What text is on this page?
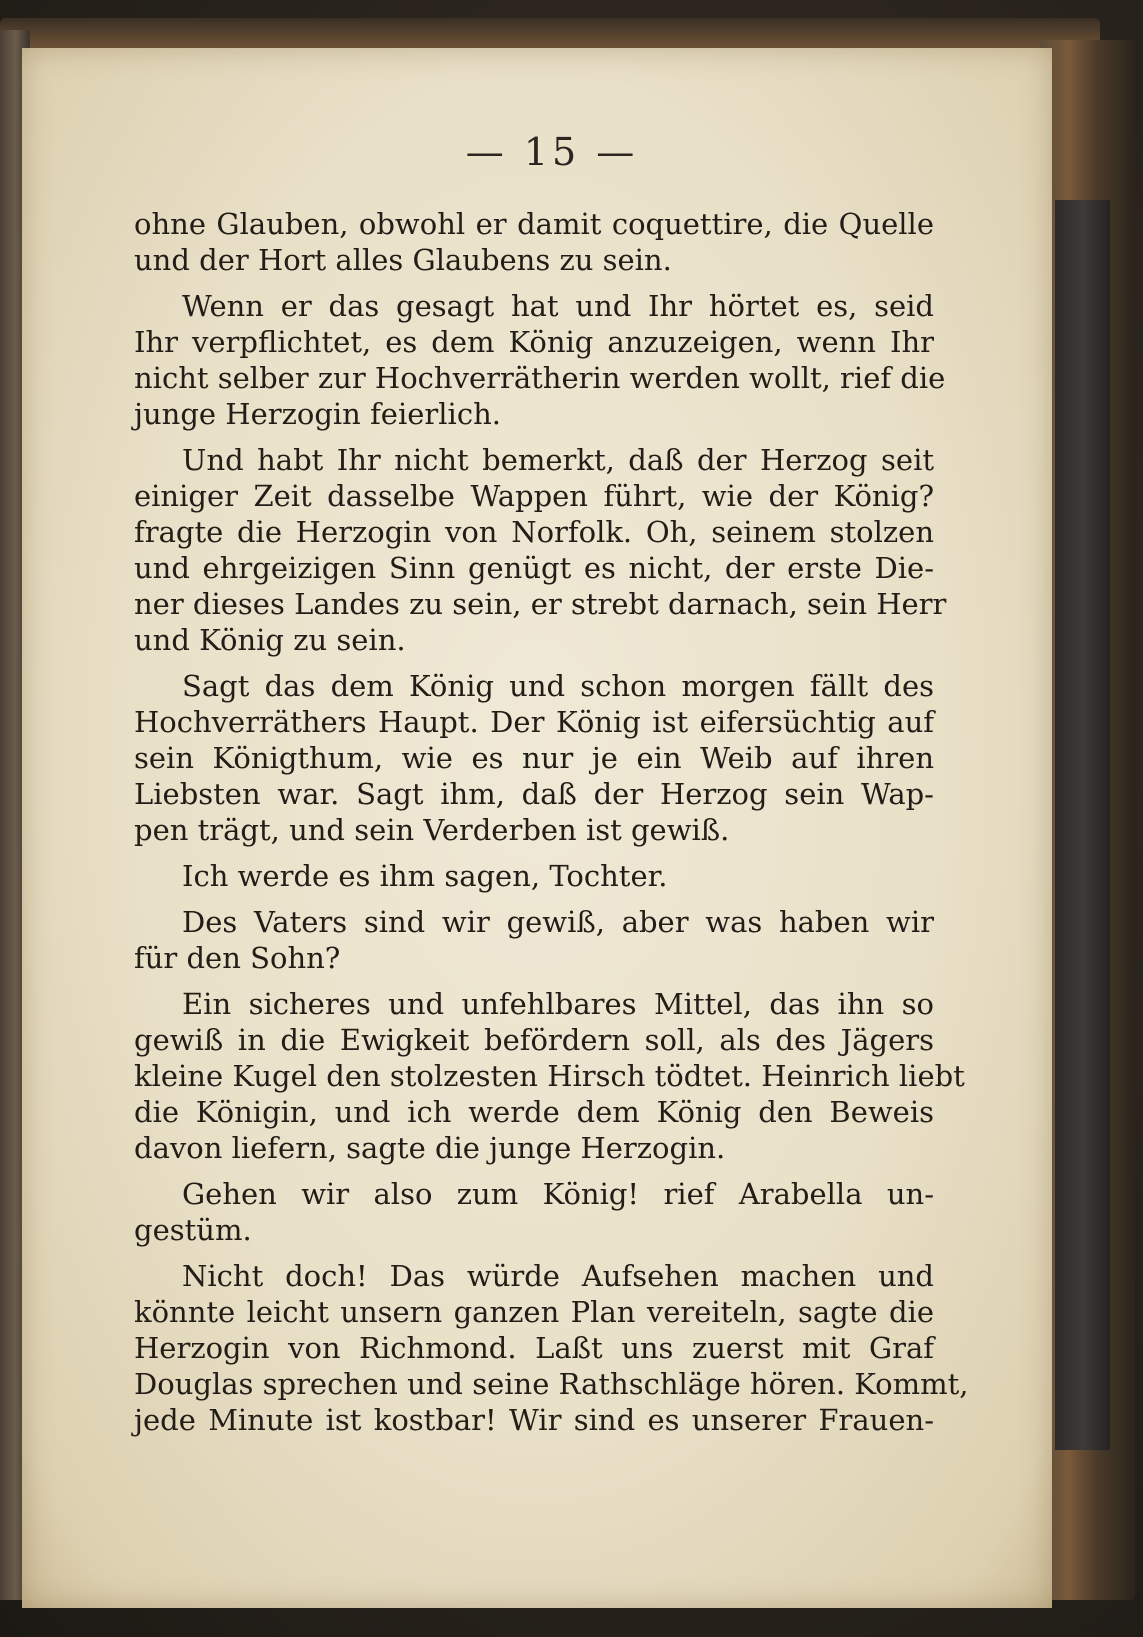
— 15 —
ohne Glauben, obwohl er damit coquettire, die Quelle
und der Hort alles Glaubens zu sein.
Wenn er das gesagt hat und Ihr hörtet es, seid
Ihr verpflichtet, es dem König anzuzeigen, wenn Ihr
nicht selber zur Hochverrätherin werden wollt, rief die
junge Herzogin feierlich.
Und habt Ihr nicht bemerkt, daß der Herzog seit
einiger Zeit dasselbe Wappen führt, wie der König?
fragte die Herzogin von Norfolk. Oh, seinem stolzen
und ehrgeizigen Sinn genügt es nicht, der erste Die-
ner dieses Landes zu sein, er strebt darnach, sein Herr
und König zu sein.
Sagt das dem König und schon morgen fällt des
Hochverräthers Haupt. Der König ist eifersüchtig auf
sein Königthum, wie es nur je ein Weib auf ihren
Liebsten war. Sagt ihm, daß der Herzog sein Wap-
pen trägt, und sein Verderben ist gewiß.
Ich werde es ihm sagen, Tochter.
Des Vaters sind wir gewiß, aber was haben wir
für den Sohn?
Ein sicheres und unfehlbares Mittel, das ihn so
gewiß in die Ewigkeit befördern soll, als des Jägers
kleine Kugel den stolzesten Hirsch tödtet. Heinrich liebt
die Königin, und ich werde dem König den Beweis
davon liefern, sagte die junge Herzogin.
Gehen wir also zum König! rief Arabella un-
gestüm.
Nicht doch! Das würde Aufsehen machen und
könnte leicht unsern ganzen Plan vereiteln, sagte die
Herzogin von Richmond. Laßt uns zuerst mit Graf
Douglas sprechen und seine Rathschläge hören. Kommt,
jede Minute ist kostbar! Wir sind es unserer Frauen-
